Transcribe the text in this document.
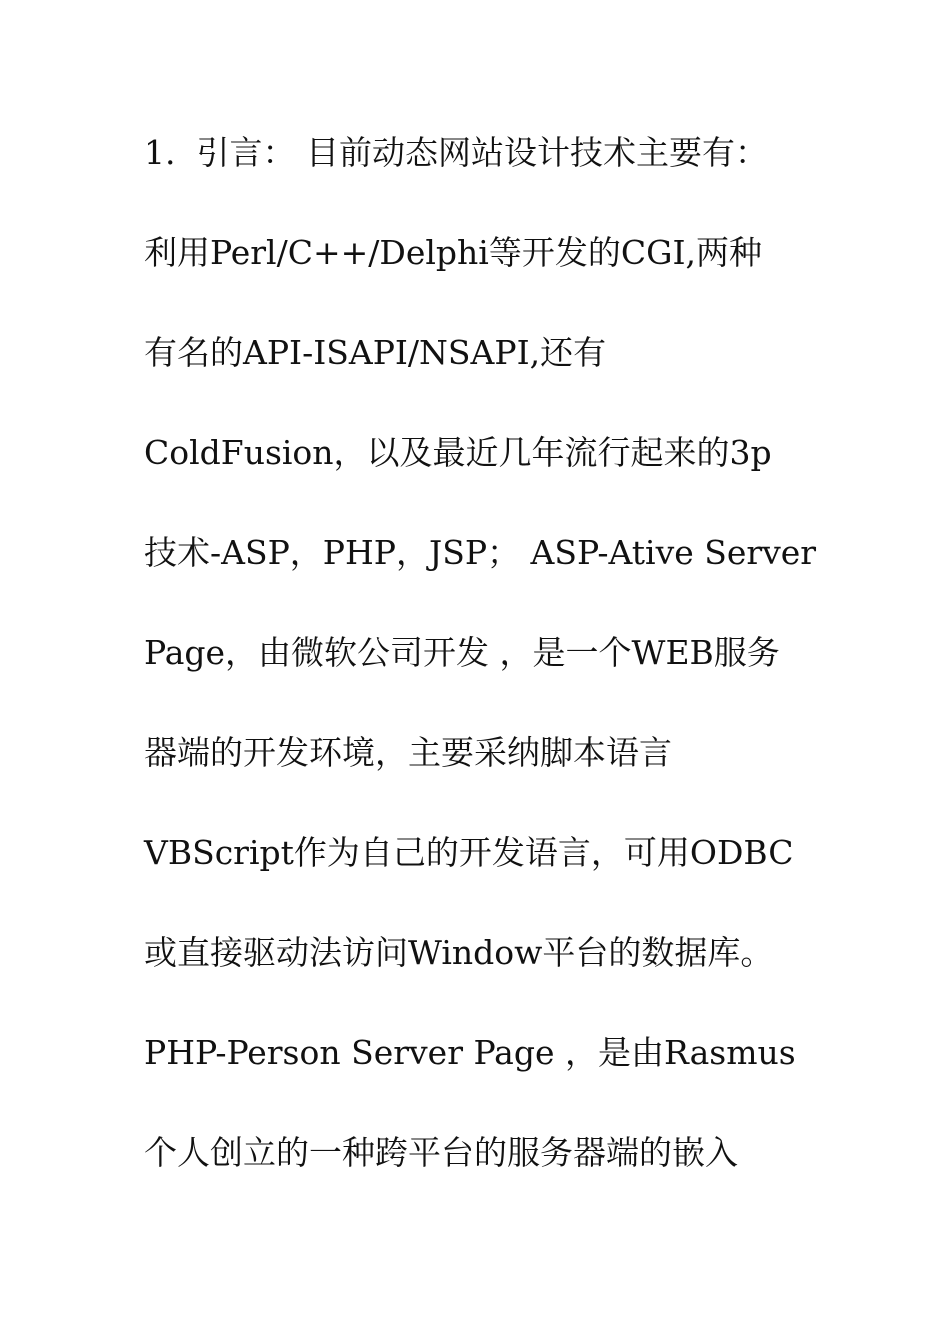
1.  引言： 目前动态网站设计技术主要有：
利用Perl/C++/Delphi等开发的CGI,两种
有名的API-ISAPI/NSAPI,还有
ColdFusion，以及最近几年流行起来的3p
技术-ASP，PHP，JSP； ASP-Ative Server
Page，由微软公司开发 ，是一个WEB服务
器端的开发环境，主要采纳脚本语言
VBScript作为自己的开发语言，可用ODBC
或直接驱动法访问Window平台的数据库。
PHP-Person Server Page ，是由Rasmus
个人创立的一种跨平台的服务器端的嵌入
